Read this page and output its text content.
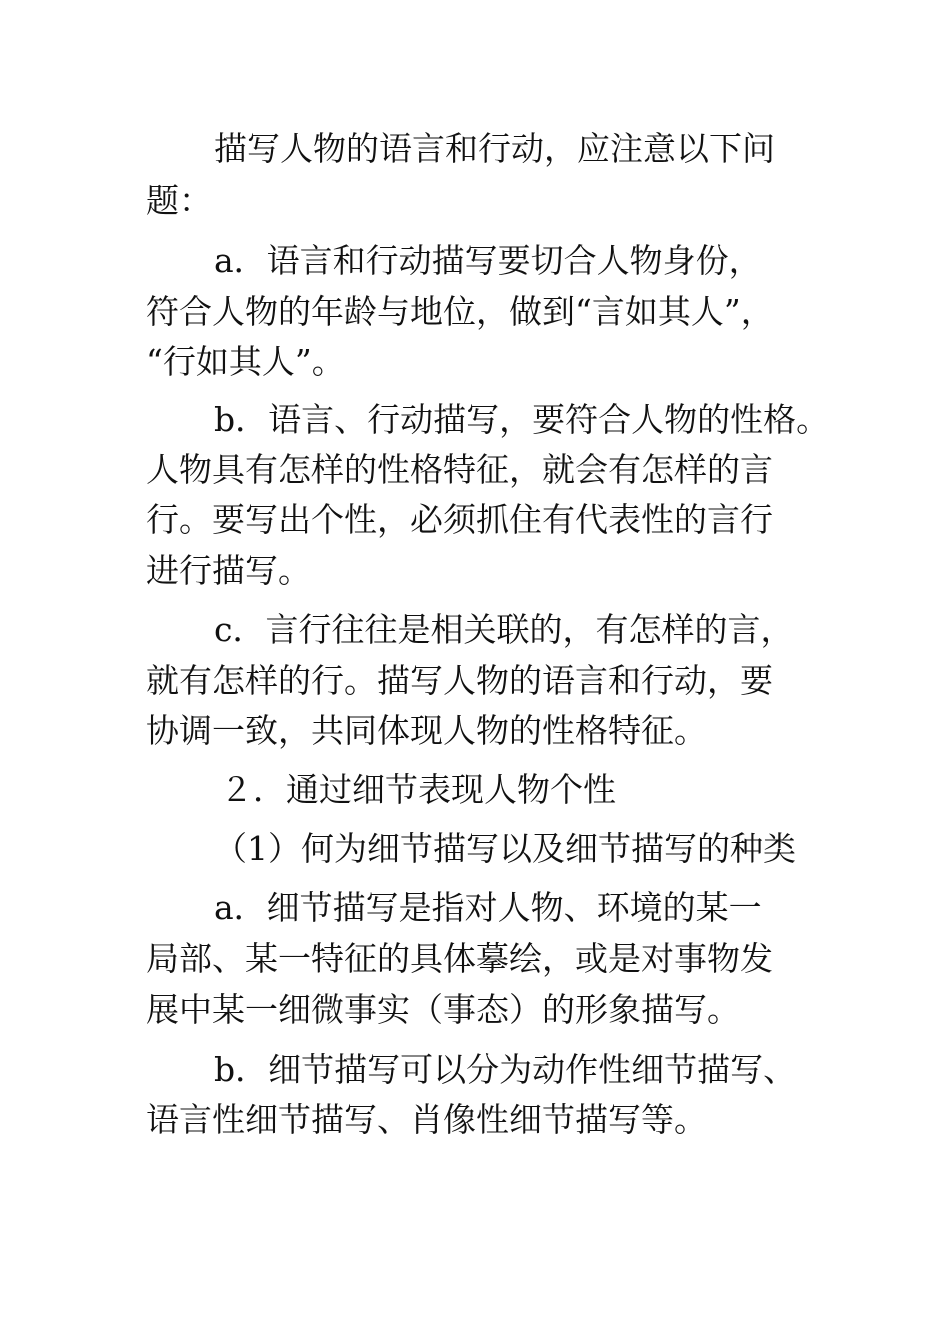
描写人物的语言和行动，应注意以下问
题：
a．语言和行动描写要切合人物身份，
符合人物的年龄与地位，做到“言如其人”，
“行如其人”。
b．语言、行动描写，要符合人物的性格。
人物具有怎样的性格特征，就会有怎样的言
行。要写出个性，必须抓住有代表性的言行
进行描写。
c．言行往往是相关联的，有怎样的言，
就有怎样的行。描写人物的语言和行动，要
协调一致，共同体现人物的性格特征。
２．通过细节表现人物个性
（1）何为细节描写以及细节描写的种类
a．细节描写是指对人物、环境的某一
局部、某一特征的具体摹绘，或是对事物发
展中某一细微事实（事态）的形象描写。
b．细节描写可以分为动作性细节描写、
语言性细节描写、肖像性细节描写等。
